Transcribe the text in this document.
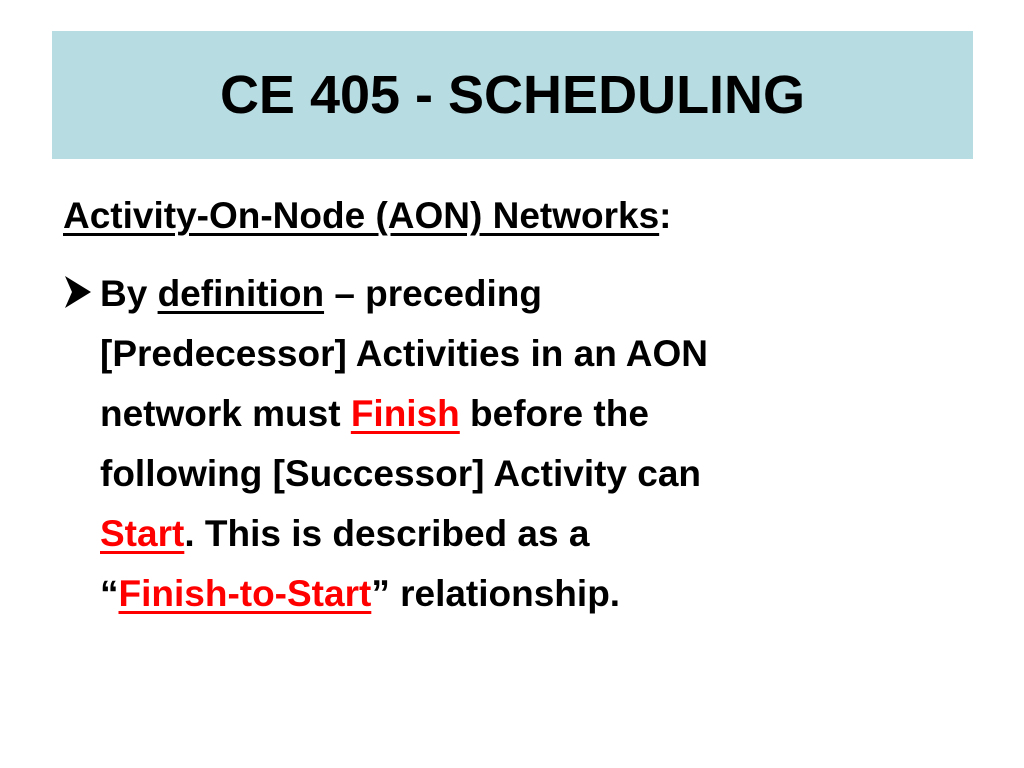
CE 405 - SCHEDULING
Activity-On-Node (AON) Networks:
By definition – preceding
[Predecessor] Activities in an AON
network must Finish before the
following [Successor] Activity can
Start. This is described as a
“Finish-to-Start” relationship.
